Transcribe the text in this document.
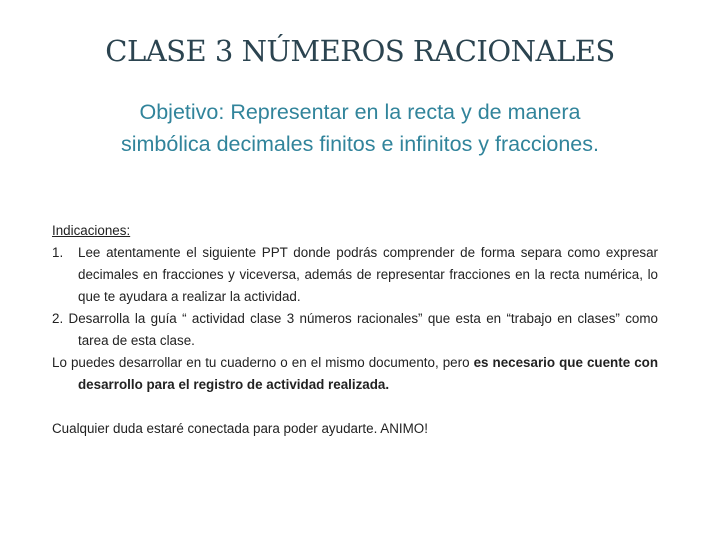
CLASE 3 NÚMEROS RACIONALES
Objetivo: Representar en la recta y de manera
simbólica decimales finitos e infinitos y fracciones.

Indicaciones:

1. Lee atentamente el siguiente PPT donde podrás comprender de forma separa como expresar decimales en fracciones y viceversa, además de representar fracciones en la recta numérica, lo que te ayudara a realizar la actividad.

2. Desarrolla la guía “ actividad clase 3 números racionales” que esta en “trabajo en clases” como tarea de esta clase.

Lo puedes desarrollar en tu cuaderno o en el mismo documento, pero es necesario que cuente con desarrollo para el registro de actividad realizada.

Cualquier duda estaré conectada para poder ayudarte. ANIMO!
